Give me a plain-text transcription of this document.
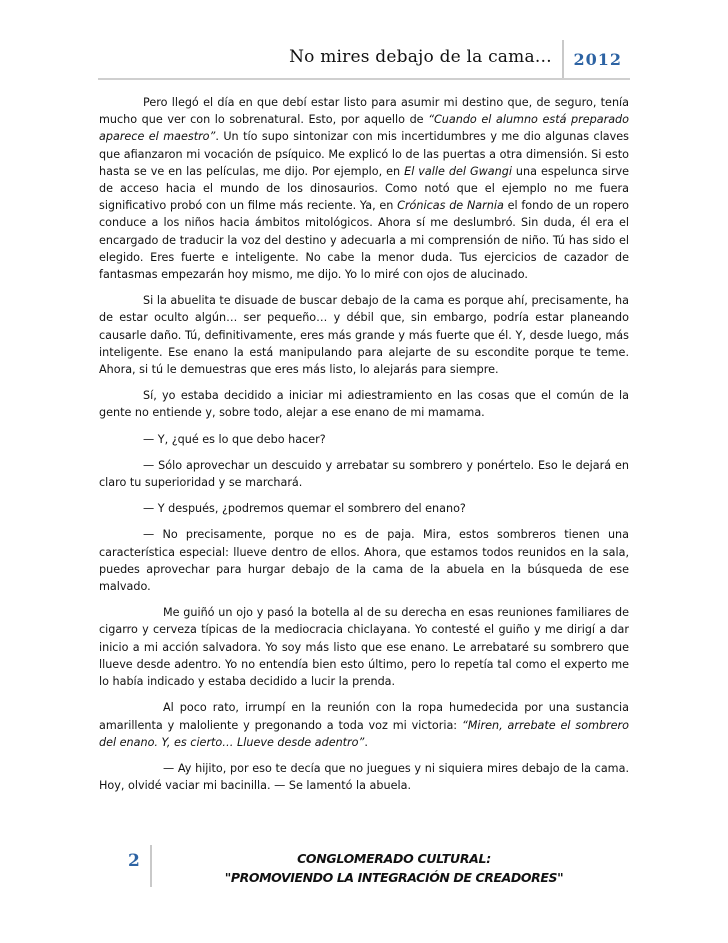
No mires debajo de la cama… 2012

Pero llegó el día en que debí estar listo para asumir mi destino que, de seguro, tenía mucho que ver con lo sobrenatural. Esto, por aquello de “Cuando el alumno está preparado aparece el maestro”. Un tío supo sintonizar con mis incertidumbres y me dio algunas claves que afianzaron mi vocación de psíquico. Me explicó lo de las puertas a otra dimensión. Si esto hasta se ve en las películas, me dijo. Por ejemplo, en El valle del Gwangi una espelunca sirve de acceso hacia el mundo de los dinosaurios. Como notó que el ejemplo no me fuera significativo probó con un filme más reciente. Ya, en Crónicas de Narnia el fondo de un ropero conduce a los niños hacia ámbitos mitológicos. Ahora sí me deslumbró. Sin duda, él era el encargado de traducir la voz del destino y adecuarla a mi comprensión de niño. Tú has sido el elegido. Eres fuerte e inteligente. No cabe la menor duda. Tus ejercicios de cazador de fantasmas empezarán hoy mismo, me dijo. Yo lo miré con ojos de alucinado.

Si la abuelita te disuade de buscar debajo de la cama es porque ahí, precisamente, ha de estar oculto algún… ser pequeño… y débil que, sin embargo, podría estar planeando causarle daño. Tú, definitivamente, eres más grande y más fuerte que él. Y, desde luego, más inteligente. Ese enano la está manipulando para alejarte de su escondite porque te teme. Ahora, si tú le demuestras que eres más listo, lo alejarás para siempre.

Sí, yo estaba decidido a iniciar mi adiestramiento en las cosas que el común de la gente no entiende y, sobre todo, alejar a ese enano de mi mamama.

— Y, ¿qué es lo que debo hacer?

— Sólo aprovechar un descuido y arrebatar su sombrero y ponértelo. Eso le dejará en claro tu superioridad y se marchará.

— Y después, ¿podremos quemar el sombrero del enano?

— No precisamente, porque no es de paja. Mira, estos sombreros tienen una característica especial: llueve dentro de ellos. Ahora, que estamos todos reunidos en la sala, puedes aprovechar para hurgar debajo de la cama de la abuela en la búsqueda de ese malvado.

Me guiñó un ojo y pasó la botella al de su derecha en esas reuniones familiares de cigarro y cerveza típicas de la mediocracia chiclayana. Yo contesté el guiño y me dirigí a dar inicio a mi acción salvadora. Yo soy más listo que ese enano. Le arrebataré su sombrero que llueve desde adentro. Yo no entendía bien esto último, pero lo repetía tal como el experto me lo había indicado y estaba decidido a lucir la prenda.

Al poco rato, irrumpí en la reunión con la ropa humedecida por una sustancia amarillenta y maloliente y pregonando a toda voz mi victoria: “Miren, arrebate el sombrero del enano. Y, es cierto… Llueve desde adentro”.

— Ay hijito, por eso te decía que no juegues y ni siquiera mires debajo de la cama. Hoy, olvidé vaciar mi bacinilla. — Se lamentó la abuela.

2	CONGLOMERADO CULTURAL:
"PROMOVIENDO LA INTEGRACIÓN DE CREADORES"
